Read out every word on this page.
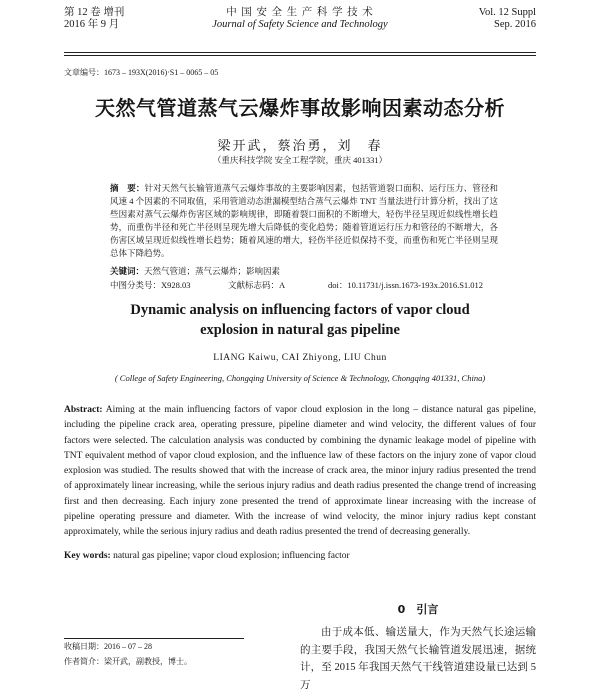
第 12 卷 增刊
2016 年 9 月
中 国 安 全 生 产 科 学 技 术
Journal of Safety Science and Technology
Vol. 12 Suppl
Sep. 2016
文章编号：1673 – 193X(2016)·S1 – 0065 – 05
天然气管道蒸气云爆炸事故影响因素动态分析
梁开武，蔡治勇，刘　春
（重庆科技学院 安全工程学院，重庆 401331）
摘　要：针对天然气长输管道蒸气云爆炸事故的主要影响因素，包括管道裂口面积、运行压力、管径和风速 4 个因素的不同取值，采用管道动态泄漏模型结合蒸气云爆炸 TNT 当量法进行计算分析，找出了这些因素对蒸气云爆炸伤害区域的影响规律，即随着裂口面积的不断增大，轻伤半径呈现近似线性增长趋势，而重伤半径和死亡半径则呈现先增大后降低的变化趋势；随着管道运行压力和管径的不断增大，各伤害区域呈现近似线性增长趋势；随着风速的增大，轻伤半径近似保持不变，而重伤和死亡半径则呈现总体下降趋势。
关键词：天然气管道；蒸气云爆炸；影响因素
中图分类号：X928.03	文献标志码：A	doi：10.11731/j.issn.1673-193x.2016.S1.012
Dynamic analysis on influencing factors of vapor cloud
explosion in natural gas pipeline
LIANG Kaiwu, CAI Zhiyong, LIU Chun
( College of Safety Engineering, Chongqing University of Science & Technology, Chongqing 401331, China)
Abstract: Aiming at the main influencing factors of vapor cloud explosion in the long – distance natural gas pipeline, including the pipeline crack area, operating pressure, pipeline diameter and wind velocity, the different values of four factors were selected. The calculation analysis was conducted by combining the dynamic leakage model of pipeline with TNT equivalent method of vapor cloud explosion, and the influence law of these factors on the injury zone of vapor cloud explosion was studied. The results showed that with the increase of crack area, the minor injury radius presented the trend of approximately linear increasing, while the serious injury radius and death radius presented the change trend of increasing first and then decreasing. Each injury zone presented the trend of approximate linear increasing with the increase of pipeline operating pressure and diameter. With the increase of wind velocity, the minor injury radius kept constant approximately, while the serious injury radius and death radius presented the trend of decreasing generally.
Key words: natural gas pipeline; vapor cloud explosion; influencing factor
0　引言
由于成本低、输送量大，作为天然气长途运输的主要手段，我国天然气长输管道发展迅速，据统计，至 2015 年我国天然气干线管道建设量已达到 5 万
收稿日期：2016 – 07 – 28
作者简介：梁开武，副教授，博士。
